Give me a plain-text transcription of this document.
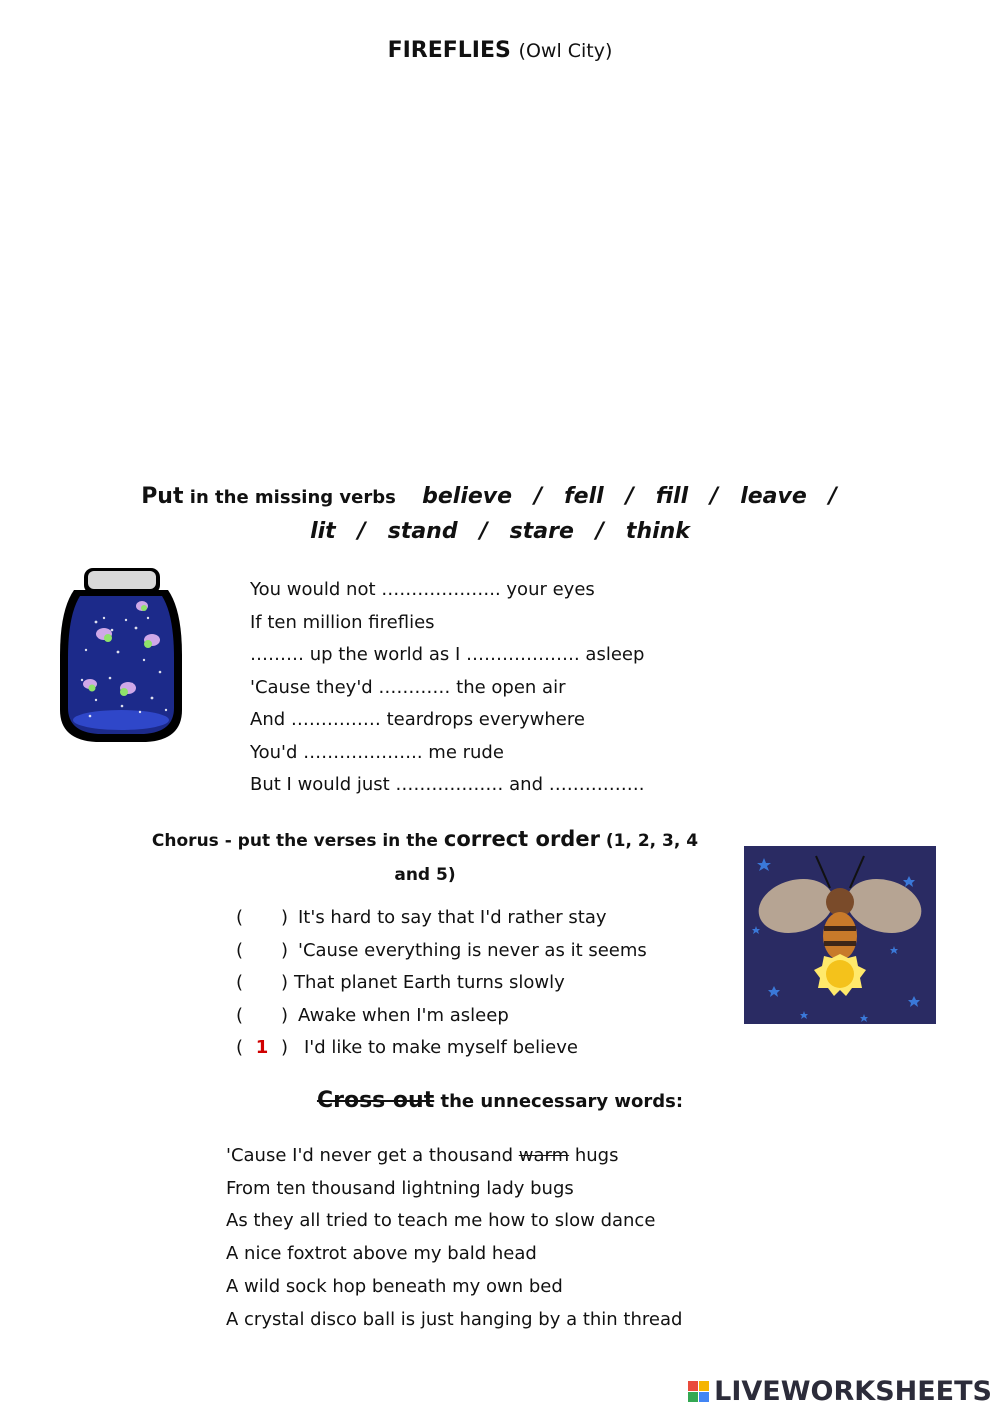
FIREFLIES (Owl City)
Put in the missing verbs believe / fell / fill / leave /
lit / stand / stare / think
You would not ……………….. your eyes
If ten million fireflies
……… up the world as I ………………. asleep
'Cause they'd ………… the open air
And …………… teardrops everywhere
You'd ……………….. me rude
But I would just ……………… and …………….
Chorus - put the verses in the correct order (1, 2, 3, 4
and 5)
( ) It's hard to say that I'd rather stay
( ) 'Cause everything is never as it seems
( ) That planet Earth turns slowly
( ) Awake when I'm asleep
( 1 ) I'd like to make myself believe
Cross out the unnecessary words:
'Cause I'd never get a thousand warm hugs
From ten thousand lightning lady bugs
As they all tried to teach me how to slow dance
A nice foxtrot above my bald head
A wild sock hop beneath my own bed
A crystal disco ball is just hanging by a thin thread
LIVEWORKSHEETS
